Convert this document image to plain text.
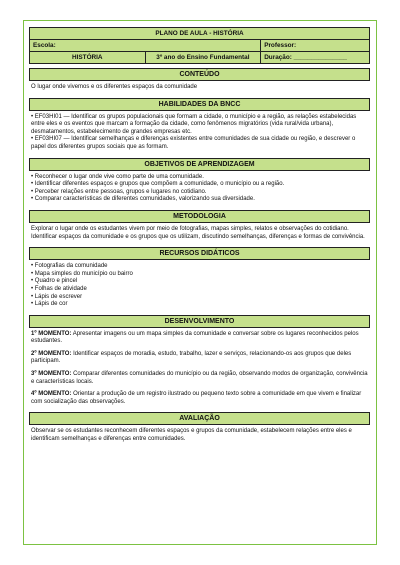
PLANO DE AULA - HISTÓRIA		
Escola:		Professor:
HISTÓRIA	3º ano do Ensino Fundamental	Duração: _______________
CONTEÚDO

O lugar onde vivemos e os diferentes espaços da comunidade

HABILIDADES DA BNCC

• EF03HI01 — Identificar os grupos populacionais que formam a cidade, o município e a região, as relações estabelecidas entre eles e os eventos que marcam a formação da cidade, como fenômenos migratórios (vida rural/vida urbana), desmatamentos, estabelecimento de grandes empresas etc.

• EF03HI07 — Identificar semelhanças e diferenças existentes entre comunidades de sua cidade ou região, e descrever o papel dos diferentes grupos sociais que as formam.

OBJETIVOS DE APRENDIZAGEM
• Reconhecer o lugar onde vive como parte de uma comunidade.
• Identificar diferentes espaços e grupos que compõem a comunidade, o município ou a região.
• Perceber relações entre pessoas, grupos e lugares no cotidiano.
• Comparar características de diferentes comunidades, valorizando sua diversidade.
METODOLOGIA

Explorar o lugar onde os estudantes vivem por meio de fotografias, mapas simples, relatos e observações do cotidiano. Identificar espaços da comunidade e os grupos que os utilizam, discutindo semelhanças, diferenças e formas de convivência.

RECURSOS DIDÁTICOS
• Fotografias da comunidade
• Mapa simples do município ou bairro
• Quadro e pincel
• Folhas de atividade
• Lápis de escrever
• Lápis de cor
DESENVOLVIMENTO

1º MOMENTO: Apresentar imagens ou um mapa simples da comunidade e conversar sobre os lugares reconhecidos pelos estudantes.

2º MOMENTO: Identificar espaços de moradia, estudo, trabalho, lazer e serviços, relacionando-os aos grupos que deles participam.

3º MOMENTO: Comparar diferentes comunidades do município ou da região, observando modos de organização, convivência e características locais.

4º MOMENTO: Orientar a produção de um registro ilustrado ou pequeno texto sobre a comunidade em que vivem e finalizar com socialização das observações.

AVALIAÇÃO

Observar se os estudantes reconhecem diferentes espaços e grupos da comunidade, estabelecem relações entre eles e identificam semelhanças e diferenças entre comunidades.
